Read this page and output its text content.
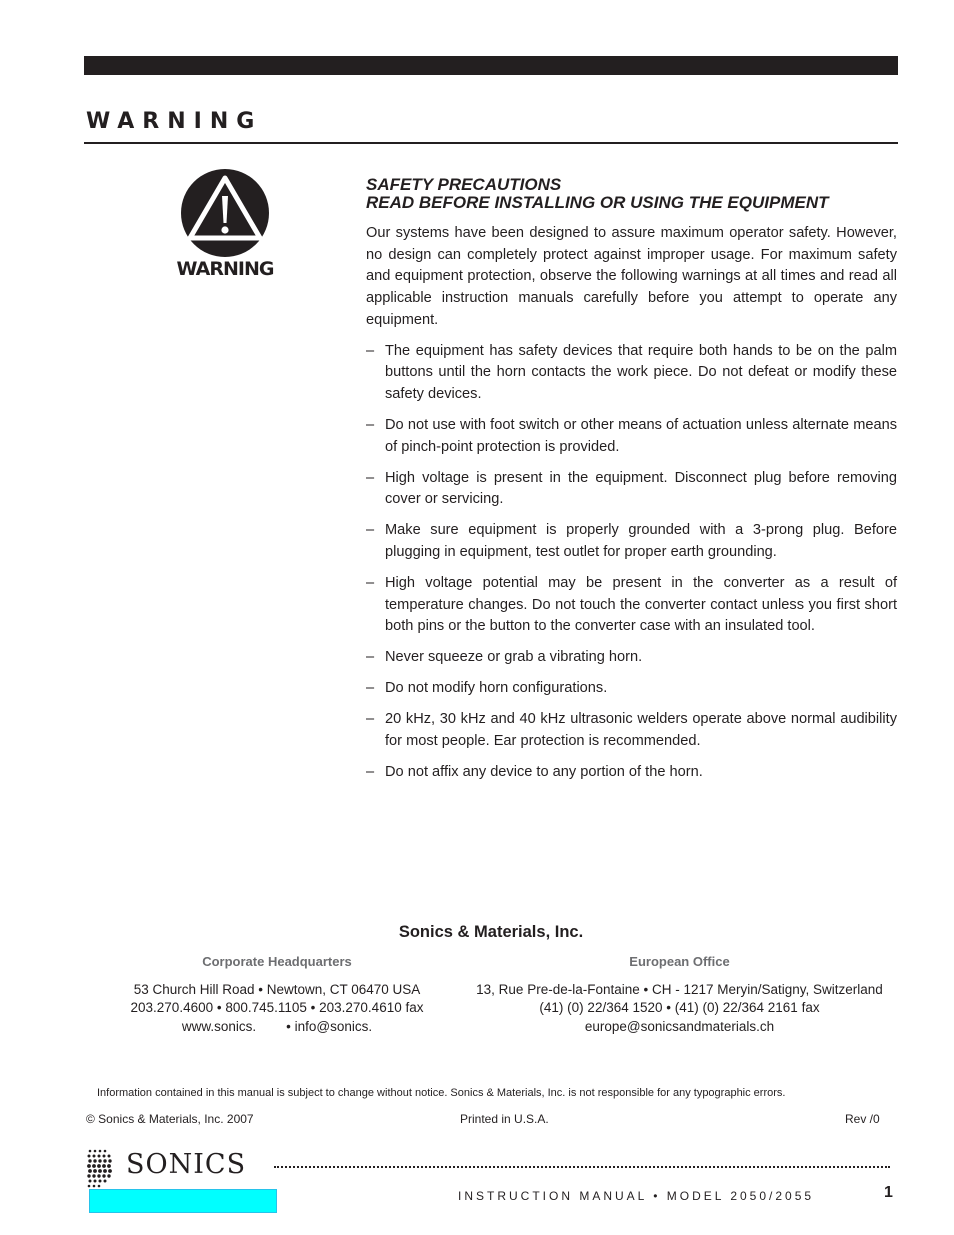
WARNING
WARNING
SAFETY PRECAUTIONS
READ BEFORE INSTALLING OR USING THE EQUIPMENT

Our systems have been designed to assure maximum operator safety. However, no design can completely protect against improper usage. For maximum safety and equipment protection, observe the following warnings at all times and read all applicable instruction manuals carefully before you attempt to operate any equipment.

– The equipment has safety devices that require both hands to be on the palm buttons until the horn contacts the work piece. Do not defeat or modify these safety devices.
– Do not use with foot switch or other means of actuation unless alternate means of pinch-point protection is provided.
– High voltage is present in the equipment. Disconnect plug before removing cover or servicing.
– Make sure equipment is properly grounded with a 3-prong plug. Before plugging in equipment, test outlet for proper earth grounding.
– High voltage potential may be present in the converter as a result of temperature changes. Do not touch the converter contact unless you first short both pins or the button to the converter case with an insulated tool.
– Never squeeze or grab a vibrating horn.
– Do not modify horn configurations.
– 20 kHz, 30 kHz and 40 kHz ultrasonic welders operate above normal audibility for most people. Ear protection is recommended.
– Do not affix any device to any portion of the horn.
Sonics & Materials, Inc.
Corporate Headquarters
53 Church Hill Road • Newtown, CT 06470 USA
203.270.4600 • 800.745.1105 • 203.270.4610 fax
www.sonics. • info@sonics.
European Office
13, Rue Pre-de-la-Fontaine • CH - 1217 Meryin/Satigny, Switzerland
(41) (0) 22/364 1520 • (41) (0) 22/364 2161 fax
europe@sonicsandmaterials.ch
Information contained in this manual is subject to change without notice. Sonics & Materials, Inc. is not responsible for any typographic errors.
© Sonics & Materials, Inc. 2007	Printed in U.S.A.	Rev /0
SONICS
INSTRUCTION MANUAL • MODEL 2050/2055	1
